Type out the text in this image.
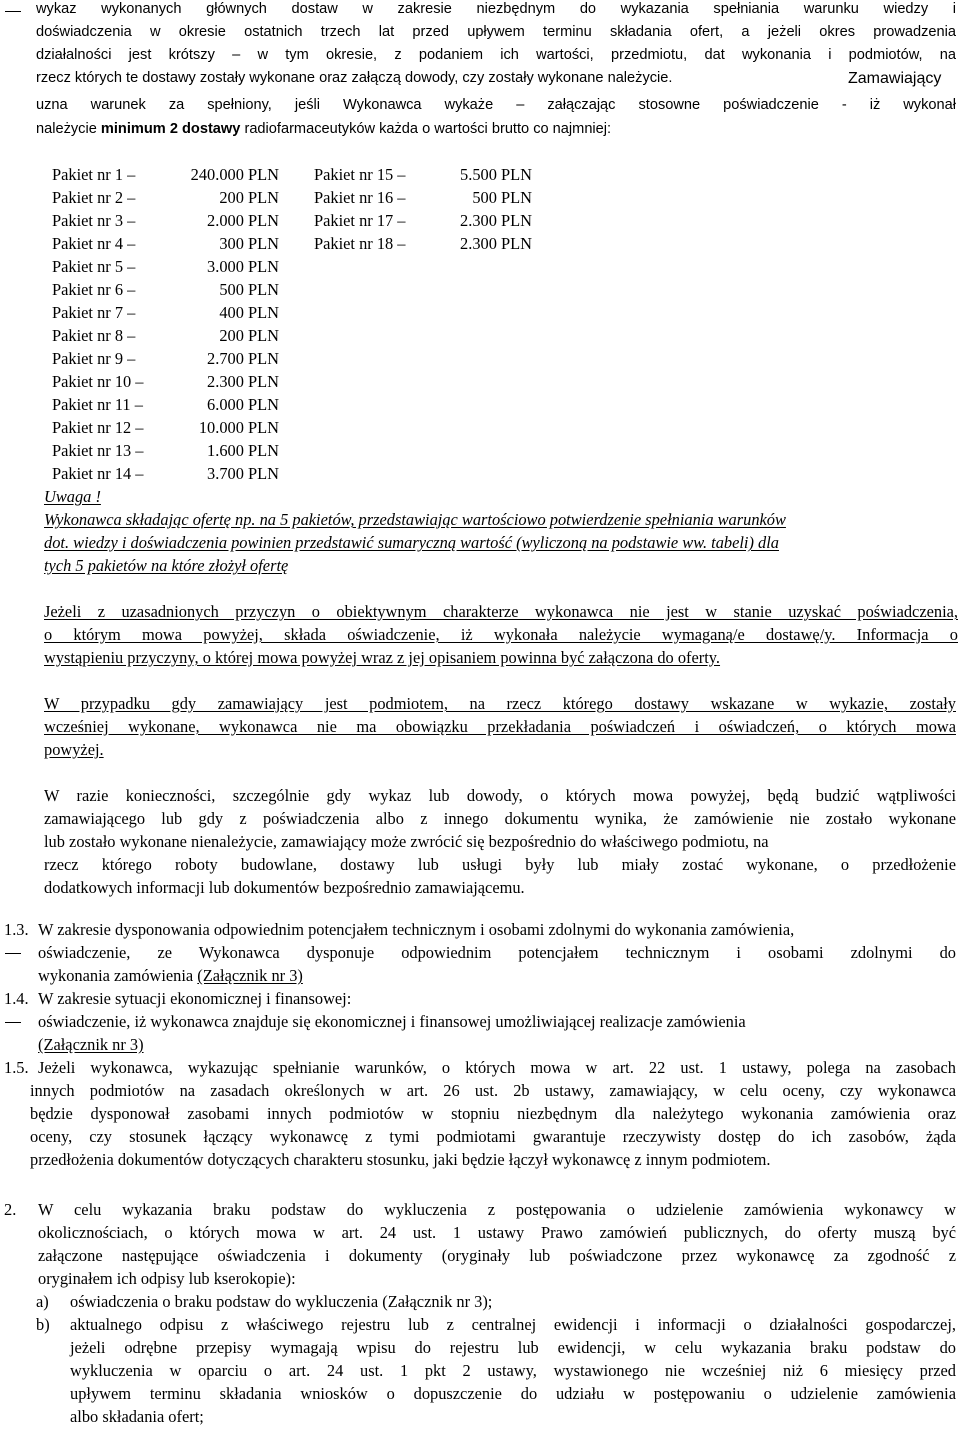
wykaz wykonanych głównych dostaw w zakresie niezbędnym do wykazania spełniania warunku wiedzy i
doświadczenia w okresie ostatnich trzech lat przed upływem terminu składania ofert, a jeżeli okres prowadzenia
działalności jest krótszy – w tym okresie, z podaniem ich wartości, przedmiotu, dat wykonania i podmiotów, na
rzecz których te dostawy zostały wykonane oraz załączą dowody, czy zostały wykonane należycie.	Zamawiający
uzna warunek za spełniony, jeśli Wykonawca wykaże – załączając stosowne poświadczenie - iż wykonał
należycie minimum 2 dostawy radiofarmaceutyków każda o wartości brutto co najmniej:
Pakiet nr 1 –	240.000 PLN
Pakiet nr 2 –	200 PLN
Pakiet nr 3 –	2.000 PLN
Pakiet nr 4 –	300 PLN
Pakiet nr 5 –	3.000 PLN
Pakiet nr 6 –	500 PLN
Pakiet nr 7 –	400 PLN
Pakiet nr 8 –	200 PLN
Pakiet nr 9 –	2.700 PLN
Pakiet nr 10 –	2.300 PLN
Pakiet nr 11 –	6.000 PLN
Pakiet nr 12 –	10.000 PLN
Pakiet nr 13 –	1.600 PLN
Pakiet nr 14 –	3.700 PLN
Pakiet nr 15 –	5.500 PLN
Pakiet nr 16 –	500 PLN
Pakiet nr 17 –	2.300 PLN
Pakiet nr 18 –	2.300 PLN
Uwaga !
Wykonawca składając ofertę np. na 5 pakietów, przedstawiając wartościowo potwierdzenie spełniania warunków
dot. wiedzy i doświadczenia powinien przedstawić sumaryczną wartość (wyliczoną na podstawie ww. tabeli) dla
tych 5 pakietów na które złożył ofertę
Jeżeli z uzasadnionych przyczyn o obiektywnym charakterze wykonawca nie jest w stanie uzyskać poświadczenia,
o którym mowa powyżej, składa oświadczenie, iż wykonała należycie wymaganą/e dostawę/y. Informacja o
wystąpieniu przyczyny, o której mowa powyżej wraz z jej opisaniem powinna być załączona do oferty.
W przypadku gdy zamawiający jest podmiotem, na rzecz którego dostawy wskazane w wykazie, zostały
wcześniej wykonane, wykonawca nie ma obowiązku przekładania poświadczeń i oświadczeń, o których mowa
powyżej.
W razie konieczności, szczególnie gdy wykaz lub dowody, o których mowa powyżej, będą budzić wątpliwości
zamawiającego lub gdy z poświadczenia albo z innego dokumentu wynika, że zamówienie nie zostało wykonane
lub zostało wykonane nienależycie, zamawiający może zwrócić się bezpośrednio do właściwego podmiotu, na
rzecz którego roboty budowlane, dostawy lub usługi były lub miały zostać wykonane, o przedłożenie
dodatkowych informacji lub dokumentów bezpośrednio zamawiającemu.
1.3. W zakresie dysponowania odpowiednim potencjałem technicznym i osobami zdolnymi do wykonania zamówienia,
oświadczenie, ze Wykonawca dysponuje odpowiednim potencjałem technicznym i osobami zdolnymi do
wykonania zamówienia (Załącznik nr 3)
1.4. W zakresie sytuacji ekonomicznej i finansowej:
oświadczenie, iż wykonawca znajduje się ekonomicznej i finansowej umożliwiającej realizacje zamówienia
(Załącznik nr 3)
1.5. Jeżeli wykonawca, wykazując spełnianie warunków, o których mowa w art. 22 ust. 1 ustawy, polega na zasobach
innych podmiotów na zasadach określonych w art. 26 ust. 2b ustawy, zamawiający, w celu oceny, czy wykonawca
będzie dysponował zasobami innych podmiotów w stopniu niezbędnym dla należytego wykonania zamówienia oraz
oceny, czy stosunek łączący wykonawcę z tymi podmiotami gwarantuje rzeczywisty dostęp do ich zasobów, żąda
przedłożenia dokumentów dotyczących charakteru stosunku, jaki będzie łączył wykonawcę z innym podmiotem.
2. W celu wykazania braku podstaw do wykluczenia z postępowania o udzielenie zamówienia wykonawcy w
okolicznościach, o których mowa w art. 24 ust. 1 ustawy Prawo zamówień publicznych, do oferty muszą być
załączone następujące oświadczenia i dokumenty (oryginały lub poświadczone przez wykonawcę za zgodność z
oryginałem ich odpisy lub kserokopie):
a) oświadczenia o braku podstaw do wykluczenia (Załącznik nr 3);
b) aktualnego odpisu z właściwego rejestru lub z centralnej ewidencji i informacji o działalności gospodarczej,
jeżeli odrębne przepisy wymagają wpisu do rejestru lub ewidencji, w celu wykazania braku podstaw do
wykluczenia w oparciu o art. 24 ust. 1 pkt 2 ustawy, wystawionego nie wcześniej niż 6 miesięcy przed
upływem terminu składania wniosków o dopuszczenie do udziału w postępowaniu o udzielenie zamówienia
albo składania ofert;
